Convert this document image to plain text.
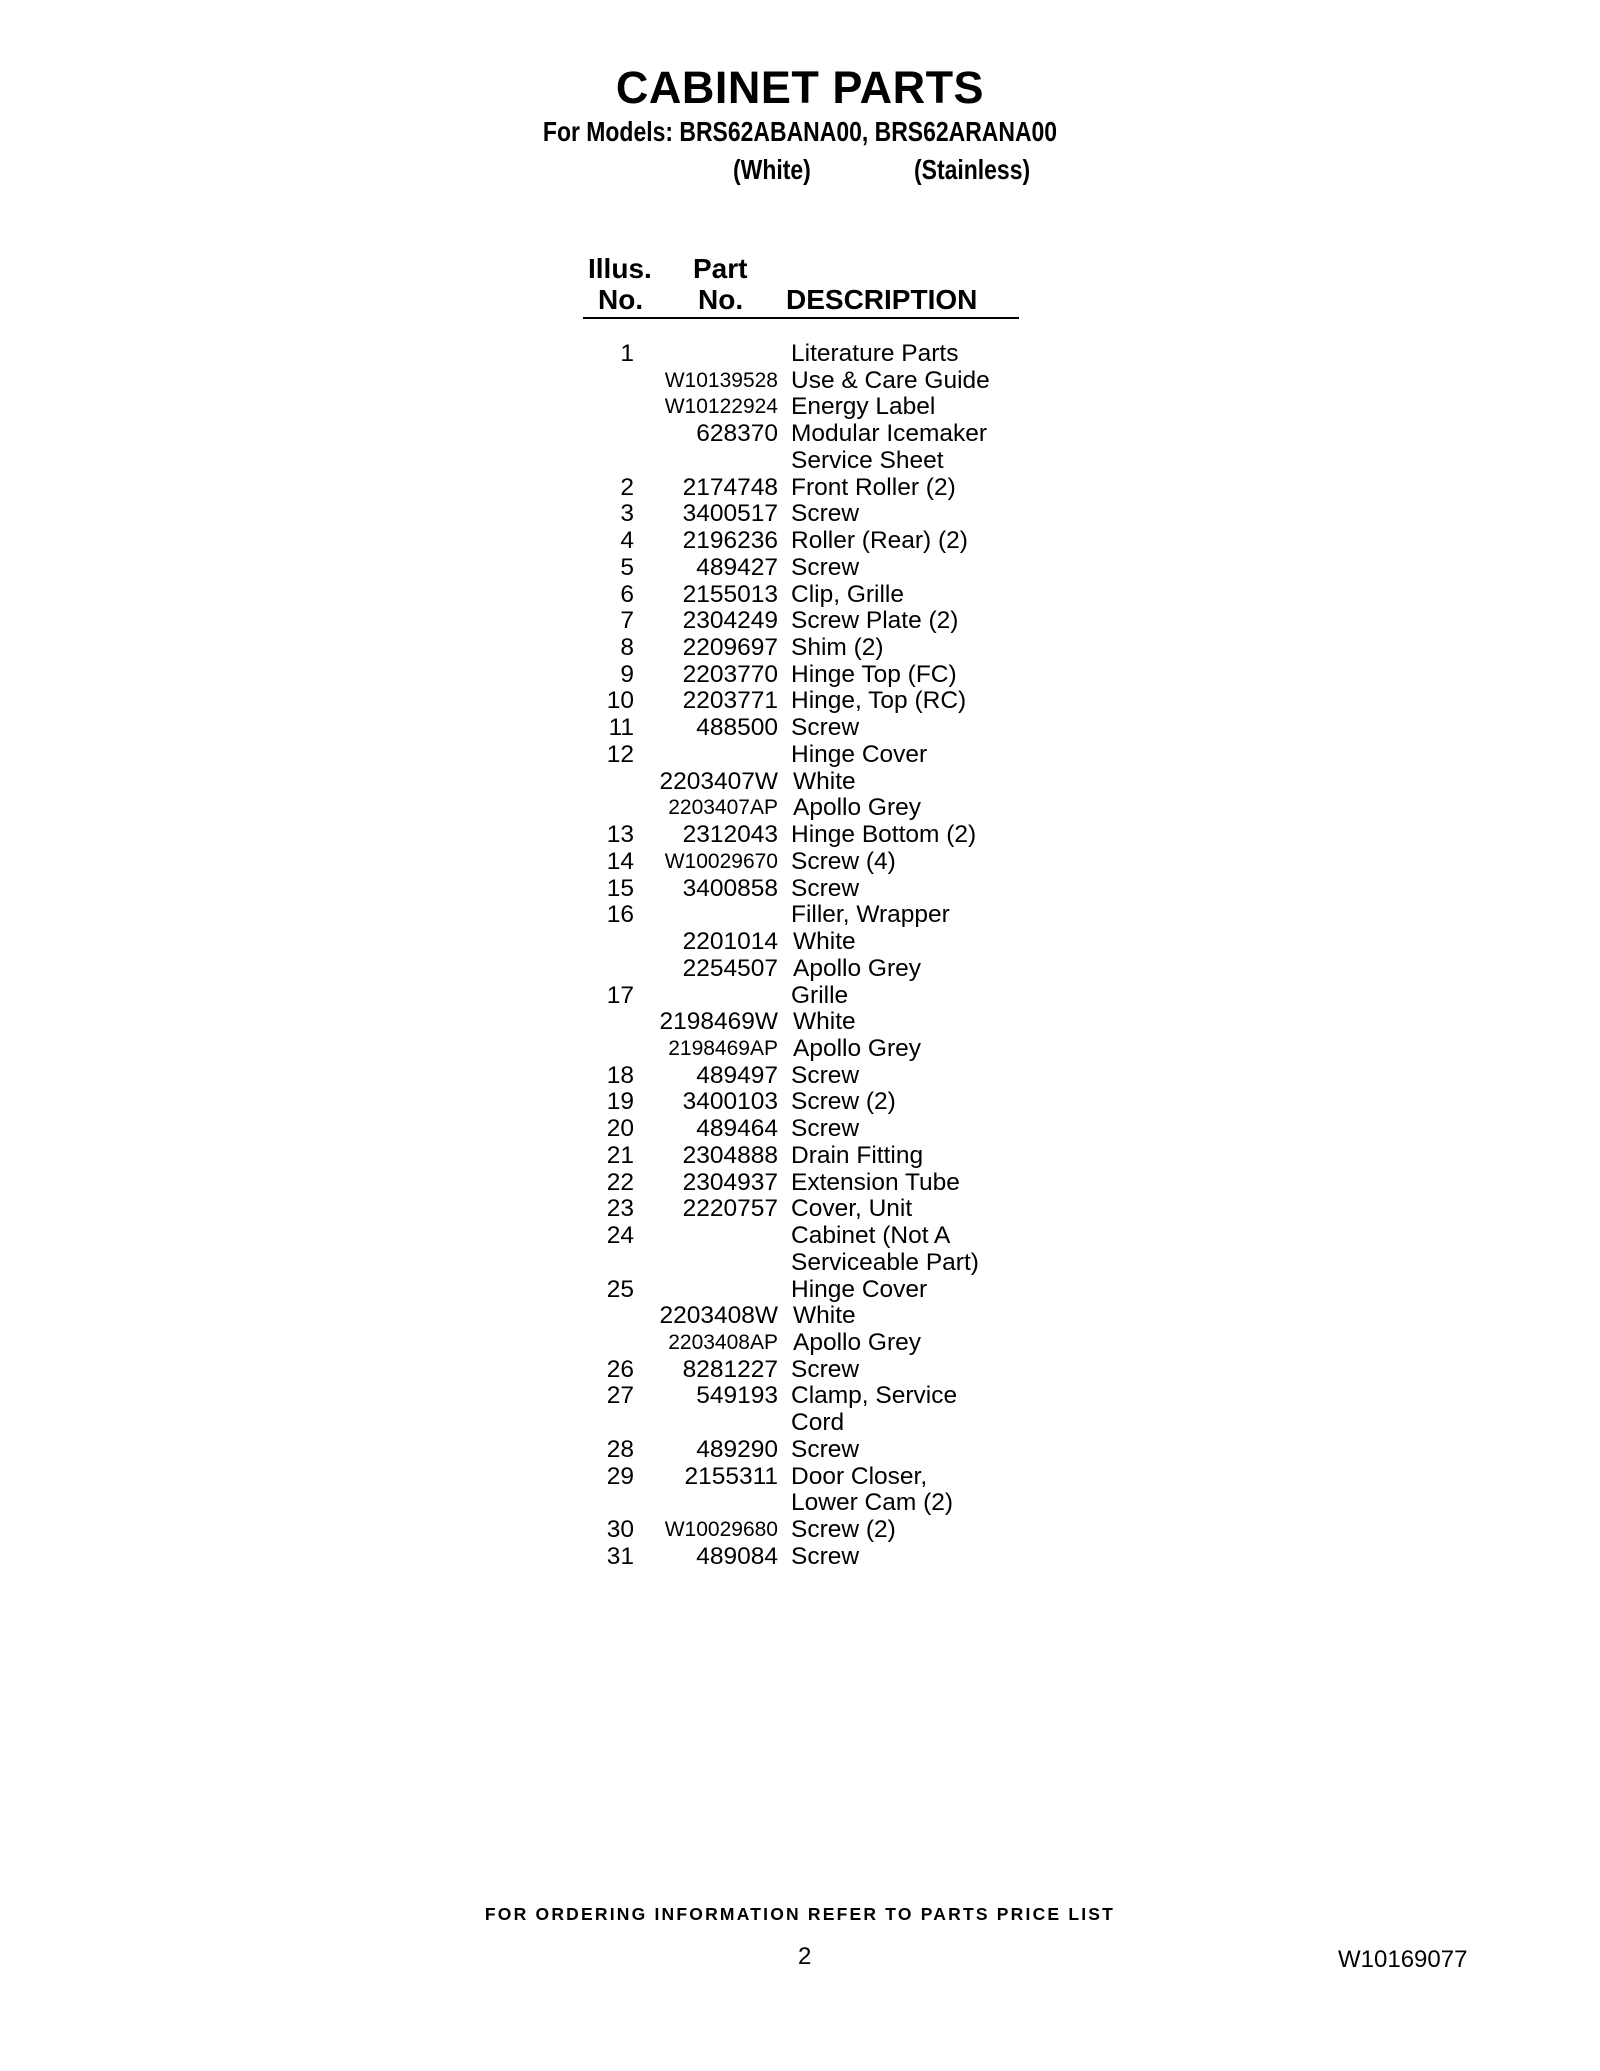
CABINET PARTS
For Models: BRS62ABANA00, BRS62ARANA00
(White)	(Stainless)
Illus.
No.
Part
No. DESCRIPTION
1	Literature Parts
W10139528 Use & Care Guide
W10122924 Energy Label
628370 Modular Icemaker
Service Sheet
2 2174748 Front Roller (2)
3 3400517 Screw
4 2196236 Roller (Rear) (2)
5	489427 Screw
6 2155013 Clip, Grille
7 2304249 Screw Plate (2)
8 2209697 Shim (2)
9 2203770 Hinge Top (FC)
10 2203771 Hinge, Top (RC)
11	488500 Screw
12	Hinge Cover
2203407W White
2203407AP Apollo Grey
13 2312043 Hinge Bottom (2)
14 W10029670 Screw (4)
15 3400858 Screw
16	Filler, Wrapper
2201014 White
2254507 Apollo Grey
17	Grille
2198469W White
2198469AP Apollo Grey
18	489497 Screw
19 3400103 Screw (2)
20	489464 Screw
21 2304888 Drain Fitting
22 2304937 Extension Tube
23 2220757 Cover, Unit
24	Cabinet (Not A
Serviceable Part)
25	Hinge Cover
2203408W White
2203408AP Apollo Grey
26 8281227 Screw
27	549193 Clamp, Service
Cord
28	489290 Screw
29 2155311 Door Closer,
Lower Cam (2)
30 W10029680 Screw (2)
31	489084 Screw
FOR ORDERING INFORMATION REFER TO PARTS PRICE LIST
2	W10169077
